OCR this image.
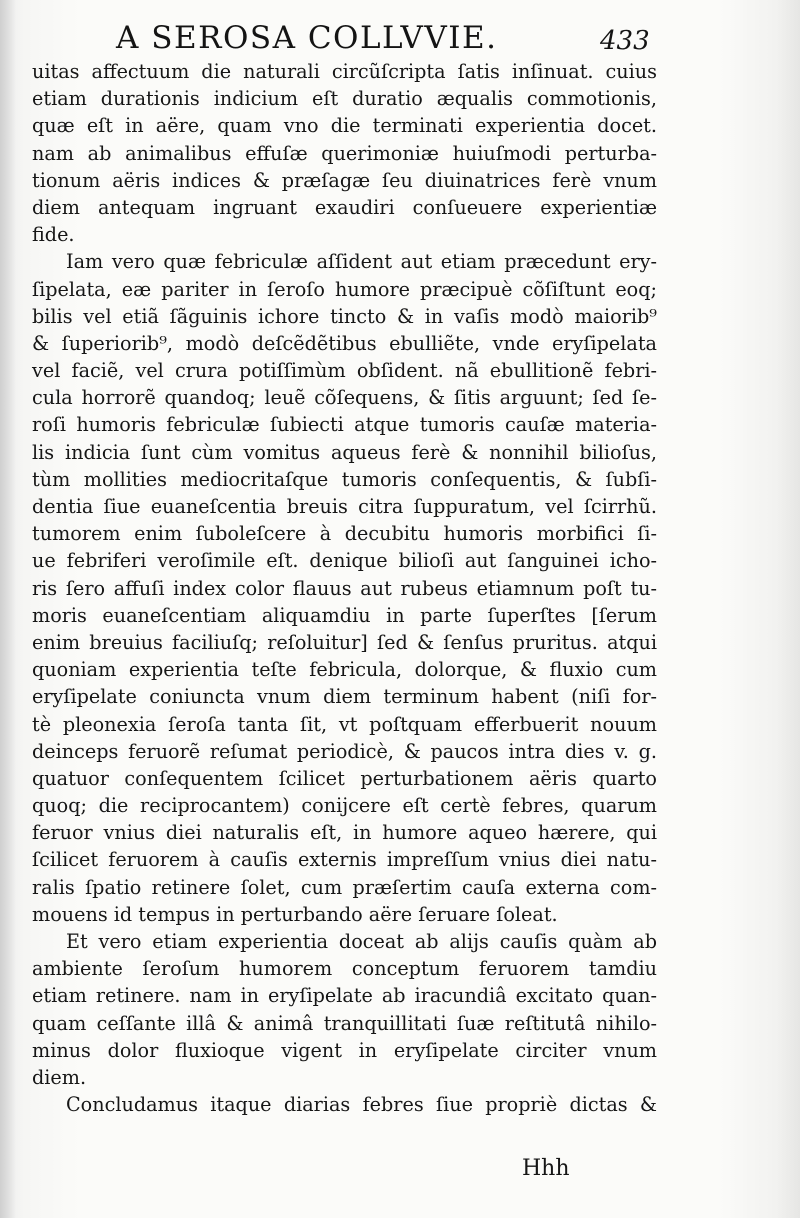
A SEROSA COLLVVIE.	433
uitas affectuum die naturali circũſcripta ſatis inſinuat. cuius
etiam durationis indicium eſt duratio æqualis commotionis,
quæ eſt in aëre, quam vno die terminati experientia docet.
nam ab animalibus effuſæ querimoniæ huiuſmodi perturba-
tionum aëris indices & præſagæ ſeu diuinatrices ferè vnum
diem antequam ingruant exaudiri conſueuere experientiæ
fide.
Iam vero quæ febriculæ aſſident aut etiam præcedunt ery-
ſipelata, eæ pariter in ſeroſo humore præcipuè cõſiſtunt eoq;
bilis vel etiã ſãguinis ichore tincto & in vaſis modò maiorib⁹
& ſuperiorib⁹, modò deſcẽdẽtibus ebulliẽte, vnde eryſipelata
vel faciẽ, vel crura potiſſimùm obſident. nã ebullitionẽ febri-
cula horrorẽ quandoq; leuẽ cõſequens, & ſitis arguunt; ſed ſe-
roſi humoris febriculæ ſubiecti atque tumoris cauſæ materia-
lis indicia ſunt cùm vomitus aqueus ferè & nonnihil bilioſus,
tùm mollities mediocritaſque tumoris conſequentis, & ſubſi-
dentia ſiue euaneſcentia breuis citra ſuppuratum, vel ſcirrhũ.
tumorem enim ſuboleſcere à decubitu humoris morbifici ſi-
ue febriferi veroſimile eſt. denique bilioſi aut ſanguinei icho-
ris ſero affuſi index color flauus aut rubeus etiamnum poſt tu-
moris euaneſcentiam aliquamdiu in parte ſuperſtes [ſerum
enim breuius faciliuſq; reſoluitur] ſed & ſenſus pruritus. atqui
quoniam experientia teſte febricula, dolorque, & fluxio cum
eryſipelate coniuncta vnum diem terminum habent (niſi for-
tè pleonexia ſeroſa tanta ſit, vt poſtquam efferbuerit nouum
deinceps feruorẽ reſumat periodicè, & paucos intra dies v. g.
quatuor conſequentem ſcilicet perturbationem aëris quarto
quoq; die reciprocantem) conijcere eſt certè febres, quarum
feruor vnius diei naturalis eſt, in humore aqueo hærere, qui
ſcilicet feruorem à cauſis externis impreſſum vnius diei natu-
ralis ſpatio retinere ſolet, cum præſertim cauſa externa com-
mouens id tempus in perturbando aëre ſeruare ſoleat.
Et vero etiam experientia doceat ab alijs cauſis quàm ab
ambiente ſeroſum humorem conceptum feruorem tamdiu
etiam retinere. nam in eryſipelate ab iracundiâ excitato quan-
quam ceſſante illâ & animâ tranquillitati ſuæ reſtitutâ nihilo-
minus dolor fluxioque vigent in eryſipelate circiter vnum
diem.
Concludamus itaque diarias febres ſiue propriè dictas &
Hhh
